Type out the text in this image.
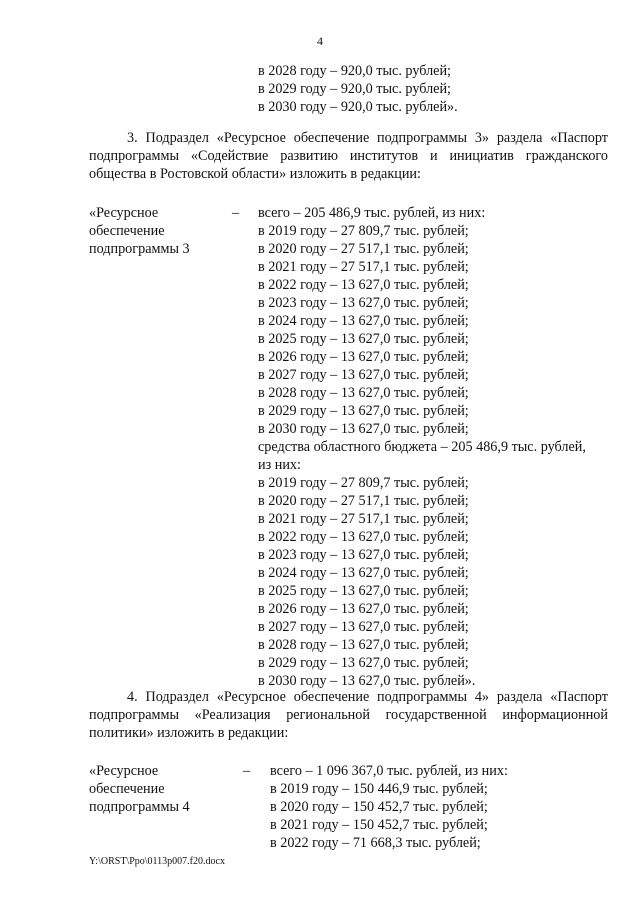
4
в 2028 году – 920,0 тыс. рублей;
в 2029 году – 920,0 тыс. рублей;
в 2030 году – 920,0 тыс. рублей».

3. Подраздел «Ресурсное обеспечение подпрограммы 3» раздела «Паспорт

подпрограммы «Содействие развитию институтов и инициатив гражданского

общества в Ростовской области» изложить в редакции:

«Ресурсное
обеспечение
подпрограммы 3
– всего – 205 486,9 тыс. рублей, из них:
в 2019 году – 27 809,7 тыс. рублей;
в 2020 году – 27 517,1 тыс. рублей;
в 2021 году – 27 517,1 тыс. рублей;
в 2022 году – 13 627,0 тыс. рублей;
в 2023 году – 13 627,0 тыс. рублей;
в 2024 году – 13 627,0 тыс. рублей;
в 2025 году – 13 627,0 тыс. рублей;
в 2026 году – 13 627,0 тыс. рублей;
в 2027 году – 13 627,0 тыс. рублей;
в 2028 году – 13 627,0 тыс. рублей;
в 2029 году – 13 627,0 тыс. рублей;
в 2030 году – 13 627,0 тыс. рублей;
средства областного бюджета – 205 486,9 тыс. рублей,
из них:
в 2019 году – 27 809,7 тыс. рублей;
в 2020 году – 27 517,1 тыс. рублей;
в 2021 году – 27 517,1 тыс. рублей;
в 2022 году – 13 627,0 тыс. рублей;
в 2023 году – 13 627,0 тыс. рублей;
в 2024 году – 13 627,0 тыс. рублей;
в 2025 году – 13 627,0 тыс. рублей;
в 2026 году – 13 627,0 тыс. рублей;
в 2027 году – 13 627,0 тыс. рублей;
в 2028 году – 13 627,0 тыс. рублей;
в 2029 году – 13 627,0 тыс. рублей;
в 2030 году – 13 627,0 тыс. рублей».

4. Подраздел «Ресурсное обеспечение подпрограммы 4» раздела «Паспорт

подпрограммы «Реализация региональной государственной информационной

политики» изложить в редакции:

«Ресурсное
обеспечение
подпрограммы 4
– всего – 1 096 367,0 тыс. рублей, из них:
в 2019 году – 150 446,9 тыс. рублей;
в 2020 году – 150 452,7 тыс. рублей;
в 2021 году – 150 452,7 тыс. рублей;
в 2022 году – 71 668,3 тыс. рублей;
Y:\ORST\Ppo\0113p007.f20.docx
